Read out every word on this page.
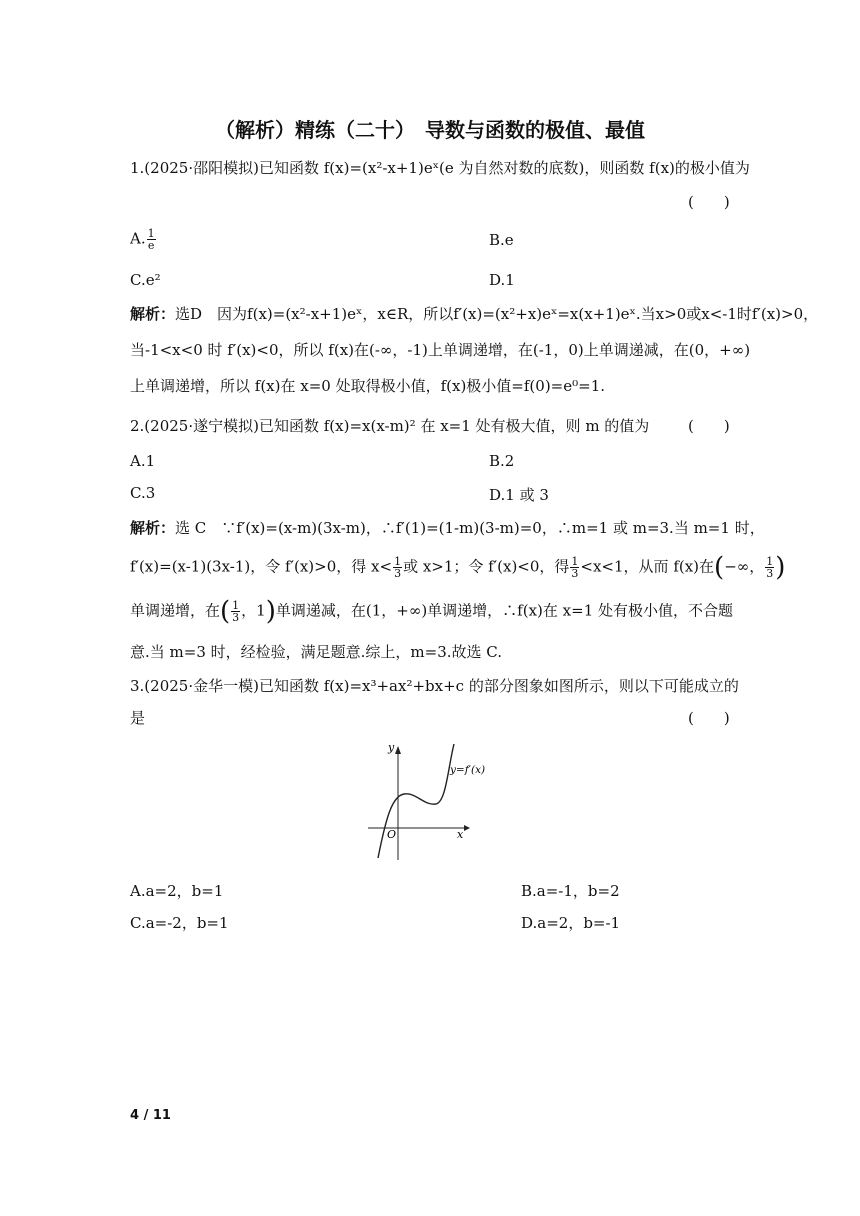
（解析）精练（二十）　导数与函数的极值、最值
1.(2025·邵阳模拟)已知函数 f(x)=(x²-x+1)eˣ(e 为自然对数的底数)，则函数 f(x)的极小值为
(　　)
A. $\frac{1}{e}$	B.e
C.e²	D.1
解析：选D　因为f(x)=(x²-x+1)eˣ，x∈R，所以f′(x)=(x²+x)eˣ=x(x+1)eˣ.当x>0或x<-1时f′(x)>0，
当-1<x<0 时 f′(x)<0，所以 f(x)在(-∞，-1)上单调递增，在(-1，0)上单调递减，在(0，+∞)
上单调递增，所以 f(x)在 x=0 处取得极小值，f(x)极小值=f(0)=e⁰=1.
2.(2025·遂宁模拟)已知函数 f(x)=x(x-m)² 在 x=1 处有极大值，则 m 的值为	(　　)
A.1	B.2
C.3	D.1 或 3
解析：选 C　∵f′(x)=(x-m)(3x-m)，∴f′(1)=(1-m)(3-m)=0，∴m=1 或 m=3.当 m=1 时，
f′(x)=(x-1)(3x-1)，令 f′(x)>0，得 $x< \frac{1}{3}$ 或 x>1；令 f′(x)<0，得 $\frac{1}{3} <x<1$，从而 f(x)在(−∞， $\frac{1}{3}$ )
单调递增，在( $\frac{1}{3}$ ，1)单调递减，在(1，+∞)单调递增，∴f(x)在 x=1 处有极小值，不合题
意.当 m=3 时，经检验，满足题意.综上，m=3.故选 C.
3.(2025·金华一模)已知函数 f(x)=x³+ax²+bx+c 的部分图象如图所示，则以下可能成立的
是	(　　)
y
x
O
y=f′(x)
A.a=2，b=1	B.a=-1，b=2
C.a=-2，b=1	D.a=2，b=-1
4 / 11
